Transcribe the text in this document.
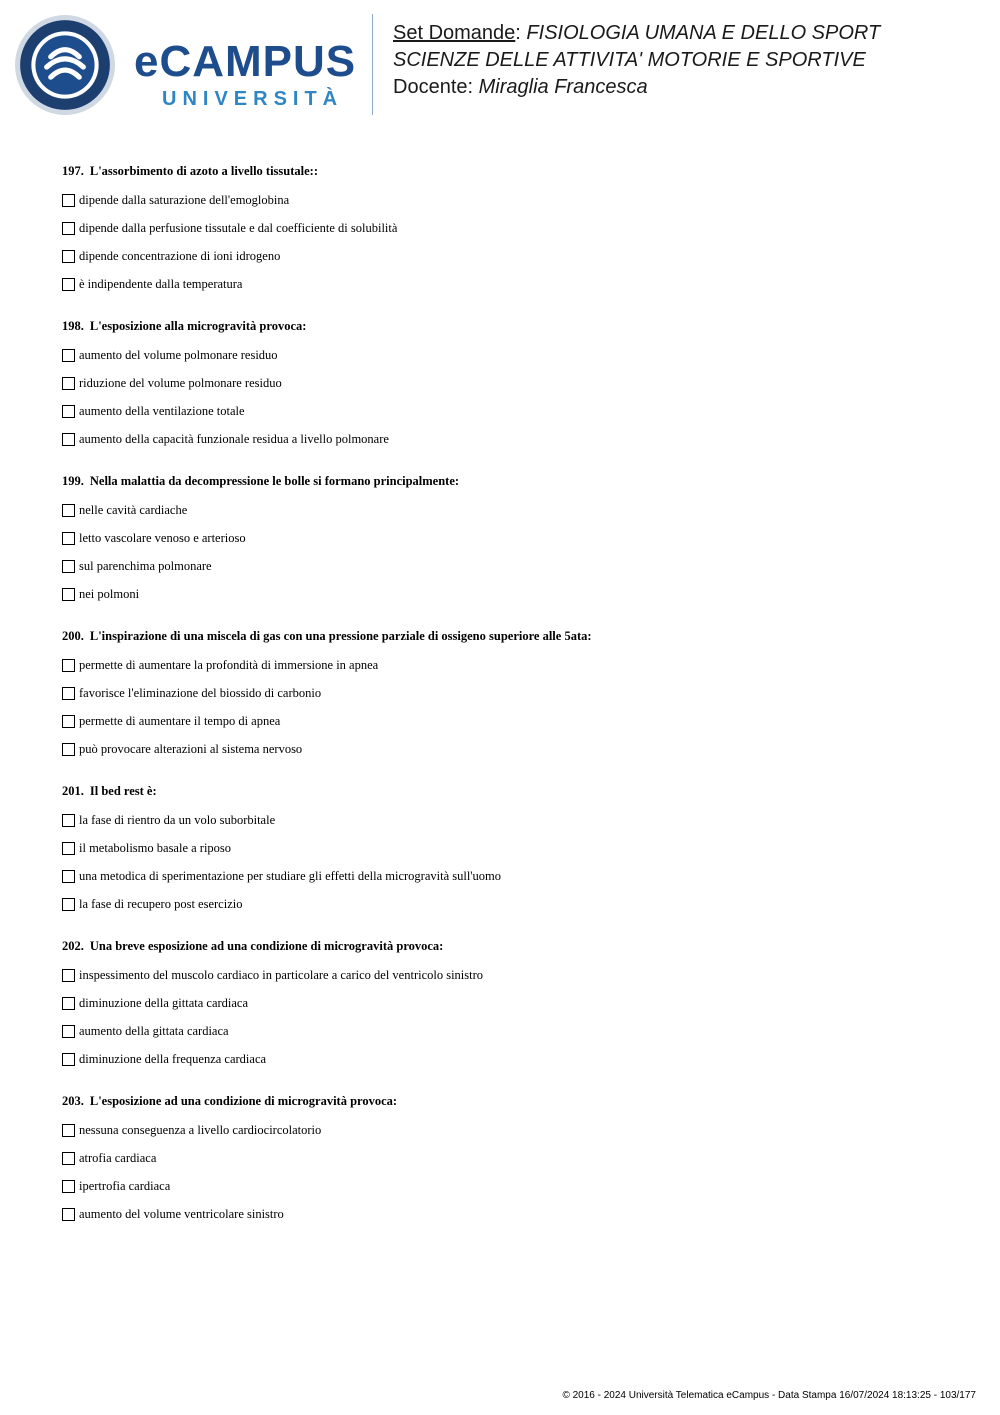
eCAMPUS
UNIVERSITÀ
Set Domande: FISIOLOGIA UMANA E DELLO SPORT
SCIENZE DELLE ATTIVITA' MOTORIE E SPORTIVE
Docente: Miraglia Francesca
197. L'assorbimento di azoto a livello tissutale::
dipende dalla saturazione dell'emoglobina
dipende dalla perfusione tissutale e dal coefficiente di solubilità
dipende concentrazione di ioni idrogeno
è indipendente dalla temperatura
198. L'esposizione alla microgravità provoca:
aumento del volume polmonare residuo
riduzione del volume polmonare residuo
aumento della ventilazione totale
aumento della capacità funzionale residua a livello polmonare
199. Nella malattia da decompressione le bolle si formano principalmente:
nelle cavità cardiache
letto vascolare venoso e arterioso
sul parenchima polmonare
nei polmoni
200. L'inspirazione di una miscela di gas con una pressione parziale di ossigeno superiore alle 5ata:
permette di aumentare la profondità di immersione in apnea
favorisce l'eliminazione del biossido di carbonio
permette di aumentare il tempo di apnea
può provocare alterazioni al sistema nervoso
201. Il bed rest è:
la fase di rientro da un volo suborbitale
il metabolismo basale a riposo
una metodica di sperimentazione per studiare gli effetti della microgravità sull'uomo
la fase di recupero post esercizio
202. Una breve esposizione ad una condizione di microgravità provoca:
inspessimento del muscolo cardiaco in particolare a carico del ventricolo sinistro
diminuzione della gittata cardiaca
aumento della gittata cardiaca
diminuzione della frequenza cardiaca
203. L'esposizione ad una condizione di microgravità provoca:
nessuna conseguenza a livello cardiocircolatorio
atrofia cardiaca
ipertrofia cardiaca
aumento del volume ventricolare sinistro
© 2016 - 2024 Università Telematica eCampus - Data Stampa 16/07/2024 18:13:25 - 103/177
